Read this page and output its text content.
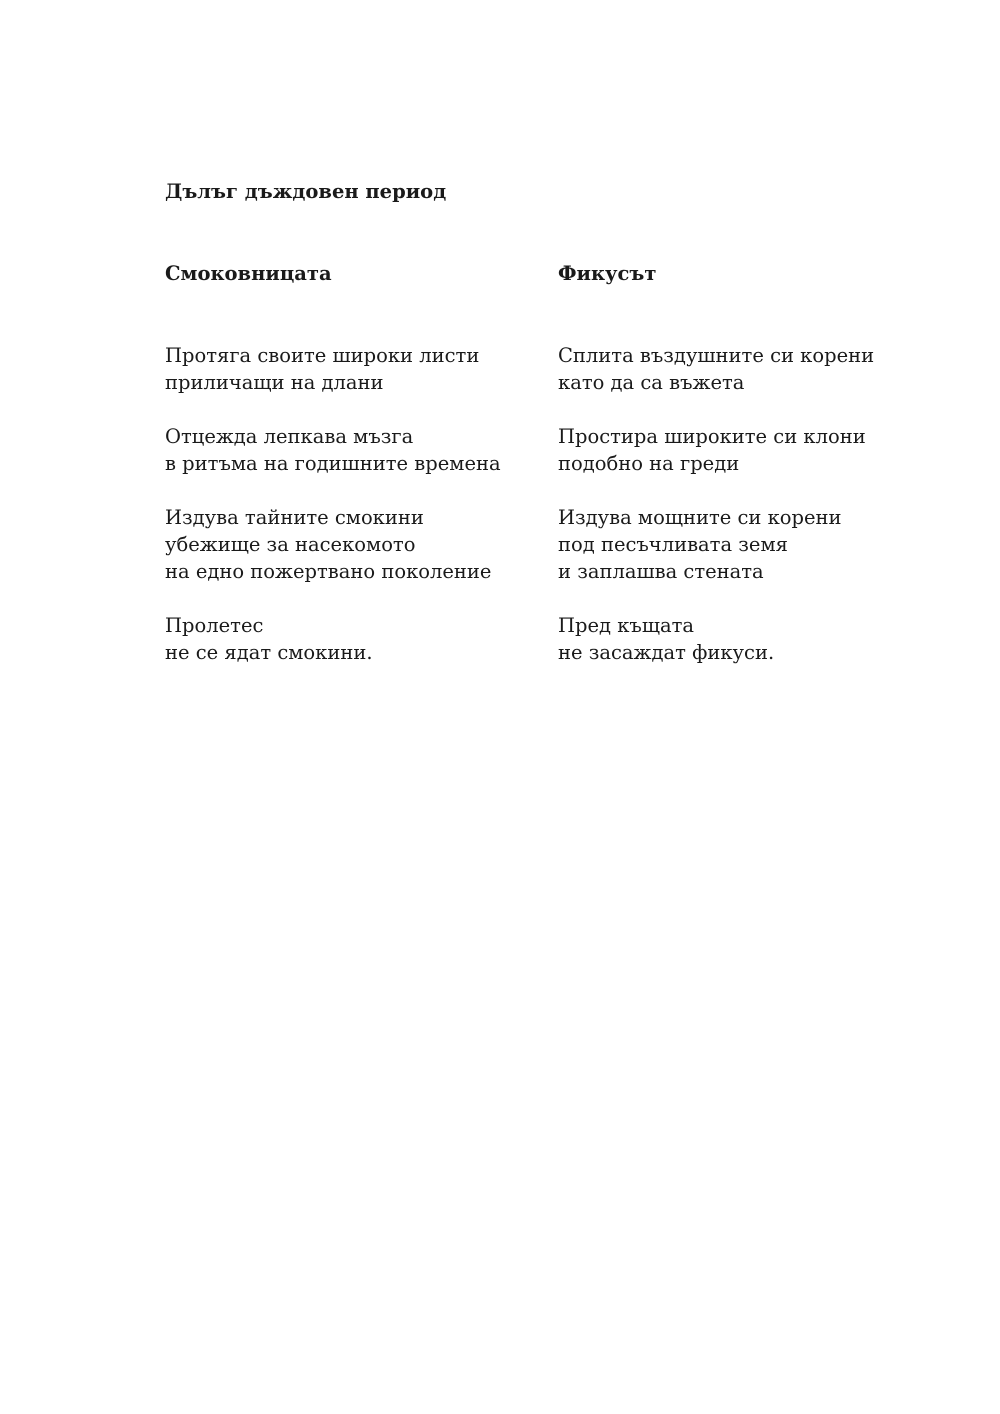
Дълъг дъждовен период
Смоковницата

Протяга своите широки листи
приличащи на длани

Отцежда лепкава мъзга
в ритъма на годишните времена

Издува тайните смокини
убежище за насекомото
на едно пожертвано поколение

Пролетес
не се ядат смокини.

Фикусът

Сплита въздушните си корени
като да са въжета

Простира широките си клони
подобно на греди

Издува мощните си корени
под песъчливата земя
и заплашва стената

Пред къщата
не засаждат фикуси.
